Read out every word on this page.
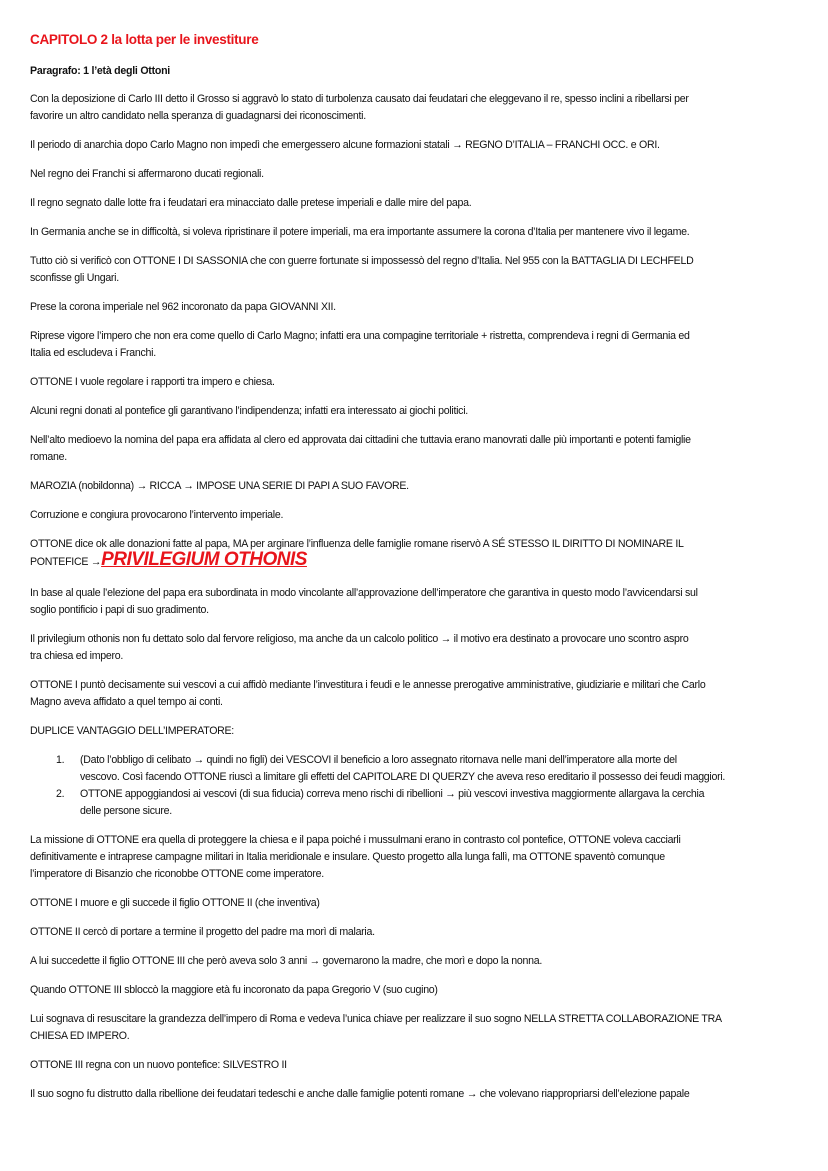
CAPITOLO 2 la lotta per le investiture
Paragrafo: 1 l’età degli Ottoni
Con la deposizione di Carlo III detto il Grosso si aggravò lo stato di turbolenza causato dai feudatari che eleggevano il re, spesso inclini a ribellarsi per
favorire un altro candidato nella speranza di guadagnarsi dei riconoscimenti.
Il periodo di anarchia dopo Carlo Magno non impedì che emergessero alcune formazioni statali → REGNO D’ITALIA – FRANCHI OCC. e ORI.
Nel regno dei Franchi si affermarono ducati regionali.
Il regno segnato dalle lotte fra i feudatari era minacciato dalle pretese imperiali e dalle mire del papa.
In Germania anche se in difficoltà, si voleva ripristinare il potere imperiali, ma era importante assumere la corona d’Italia per mantenere vivo il legame.
Tutto ciò si verificò con OTTONE I DI SASSONIA che con guerre fortunate si impossessò del regno d’Italia. Nel 955 con la BATTAGLIA DI LECHFELD
sconfisse gli Ungari.
Prese la corona imperiale nel 962 incoronato da papa GIOVANNI XII.
Riprese vigore l’impero che non era come quello di Carlo Magno; infatti era una compagine territoriale + ristretta, comprendeva i regni di Germania ed
Italia ed escludeva i Franchi.
OTTONE I vuole regolare i rapporti tra impero e chiesa.
Alcuni regni donati al pontefice gli garantivano l’indipendenza; infatti era interessato ai giochi politici.
Nell’alto medioevo la nomina del papa era affidata al clero ed approvata dai cittadini che tuttavia erano manovrati dalle più importanti e potenti famiglie
romane.
MAROZIA (nobildonna) → RICCA → IMPOSE UNA SERIE DI PAPI A SUO FAVORE.
Corruzione e congiura provocarono l’intervento imperiale.
OTTONE dice ok alle donazioni fatte al papa, MA per arginare l’influenza delle famiglie romane riservò A SÉ STESSO IL DIRITTO DI NOMINARE IL
PONTEFICE →PRIVILEGIUM OTHONIS
In base al quale l’elezione del papa era subordinata in modo vincolante all’approvazione dell’imperatore che garantiva in questo modo l’avvicendarsi sul
soglio pontificio i papi di suo gradimento.
Il privilegium othonis non fu dettato solo dal fervore religioso, ma anche da un calcolo politico → il motivo era destinato a provocare uno scontro aspro
tra chiesa ed impero.
OTTONE I puntò decisamente sui vescovi a cui affidò mediante l’investitura i feudi e le annesse prerogative amministrative, giudiziarie e militari che Carlo
Magno aveva affidato a quel tempo ai conti.
DUPLICE VANTAGGIO DELL’IMPERATORE:
1. (Dato l’obbligo di celibato → quindi no figli) dei VESCOVI il beneficio a loro assegnato ritornava nelle mani dell’imperatore alla morte del
vescovo. Così facendo OTTONE riuscì a limitare gli effetti del CAPITOLARE DI QUERZY che aveva reso ereditario il possesso dei feudi maggiori.
2. OTTONE appoggiandosi ai vescovi (di sua fiducia) correva meno rischi di ribellioni → più vescovi investiva maggiormente allargava la cerchia
delle persone sicure.
La missione di OTTONE era quella di proteggere la chiesa e il papa poiché i mussulmani erano in contrasto col pontefice, OTTONE voleva cacciarli
definitivamente e intraprese campagne militari in Italia meridionale e insulare. Questo progetto alla lunga fallì, ma OTTONE spaventò comunque
l’imperatore di Bisanzio che riconobbe OTTONE come imperatore.
OTTONE I muore e gli succede il figlio OTTONE II (che inventiva)
OTTONE II cercò di portare a termine il progetto del padre ma morì di malaria.
A lui succedette il figlio OTTONE III che però aveva solo 3 anni → governarono la madre, che morì e dopo la nonna.
Quando OTTONE III sbloccò la maggiore età fu incoronato da papa Gregorio V (suo cugino)
Lui sognava di resuscitare la grandezza dell’impero di Roma e vedeva l’unica chiave per realizzare il suo sogno NELLA STRETTA COLLABORAZIONE TRA
CHIESA ED IMPERO.
OTTONE III regna con un nuovo pontefice: SILVESTRO II
Il suo sogno fu distrutto dalla ribellione dei feudatari tedeschi e anche dalle famiglie potenti romane → che volevano riappropriarsi dell’elezione papale
